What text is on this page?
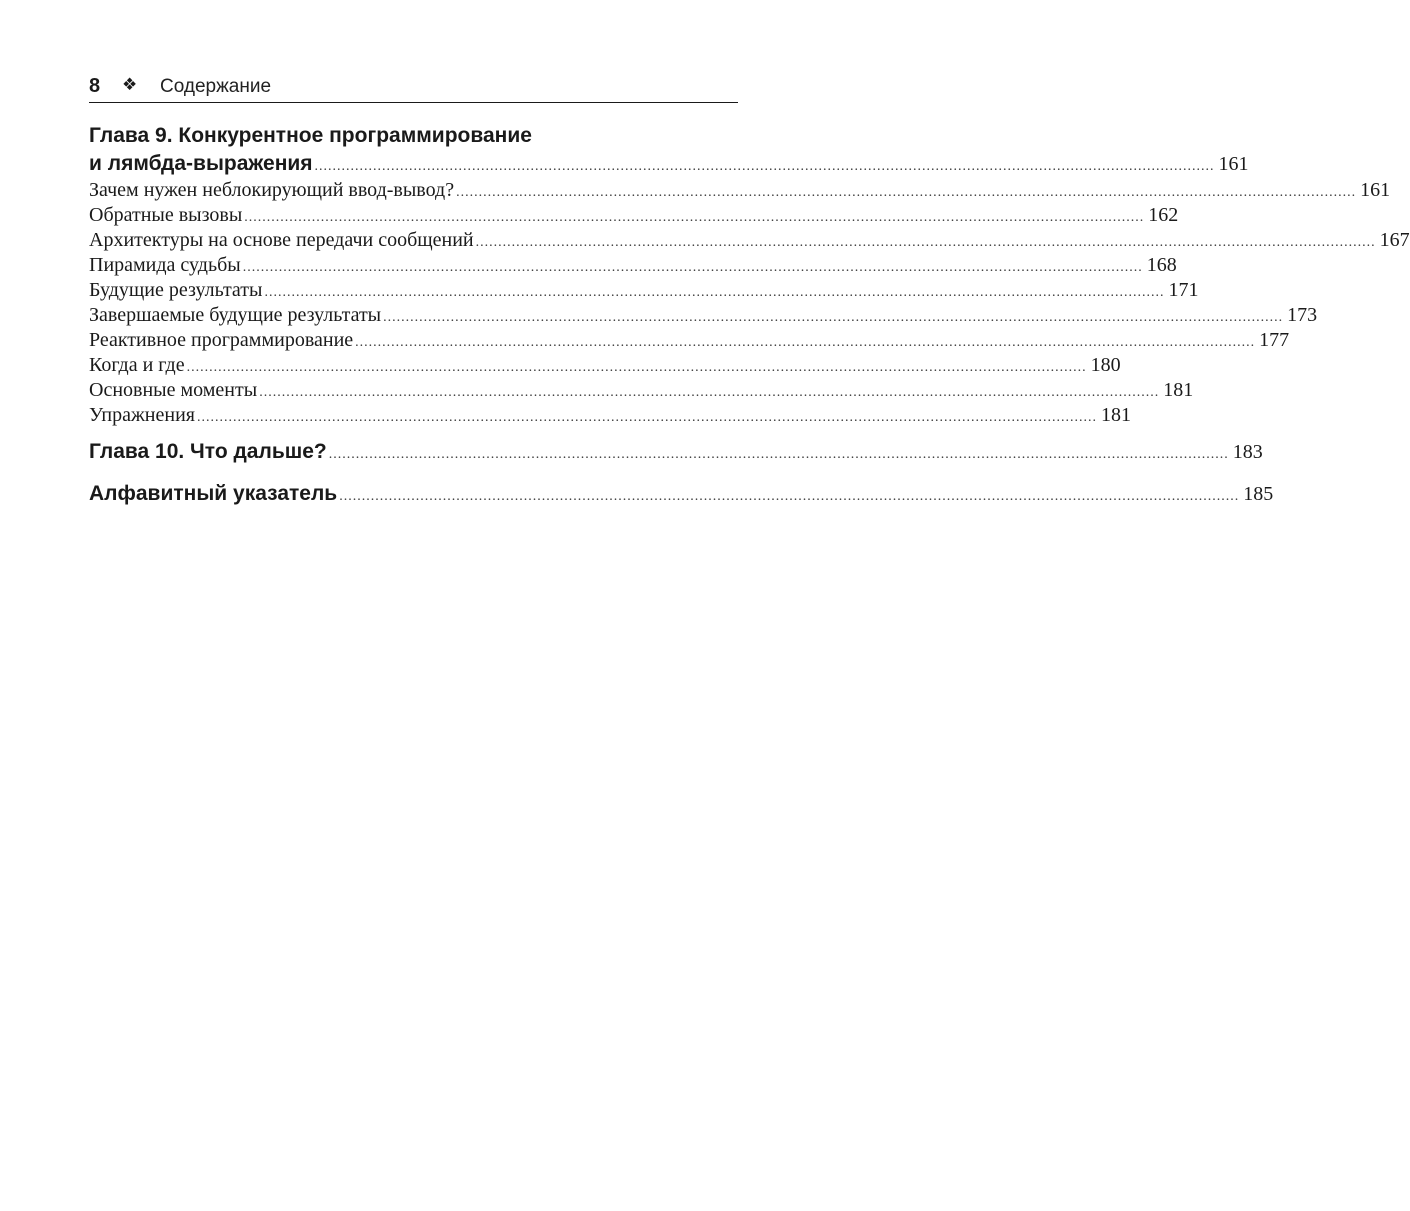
8 ❖ Содержание
Глава 9. Конкурентное программирование
и лямбда-выражения ........................................................................................................................................................................................................ 161
Зачем нужен неблокирующий ввод-вывод? ........................................................................................................................................................................................................ 161
Обратные вызовы ........................................................................................................................................................................................................ 162
Архитектуры на основе передачи сообщений ........................................................................................................................................................................................................ 167
Пирамида судьбы ........................................................................................................................................................................................................ 168
Будущие результаты ........................................................................................................................................................................................................ 171
Завершаемые будущие результаты ........................................................................................................................................................................................................ 173
Реактивное программирование ........................................................................................................................................................................................................ 177
Когда и где ........................................................................................................................................................................................................ 180
Основные моменты ........................................................................................................................................................................................................ 181
Упражнения ........................................................................................................................................................................................................ 181
Глава 10. Что дальше? ........................................................................................................................................................................................................ 183
Алфавитный указатель ........................................................................................................................................................................................................ 185
